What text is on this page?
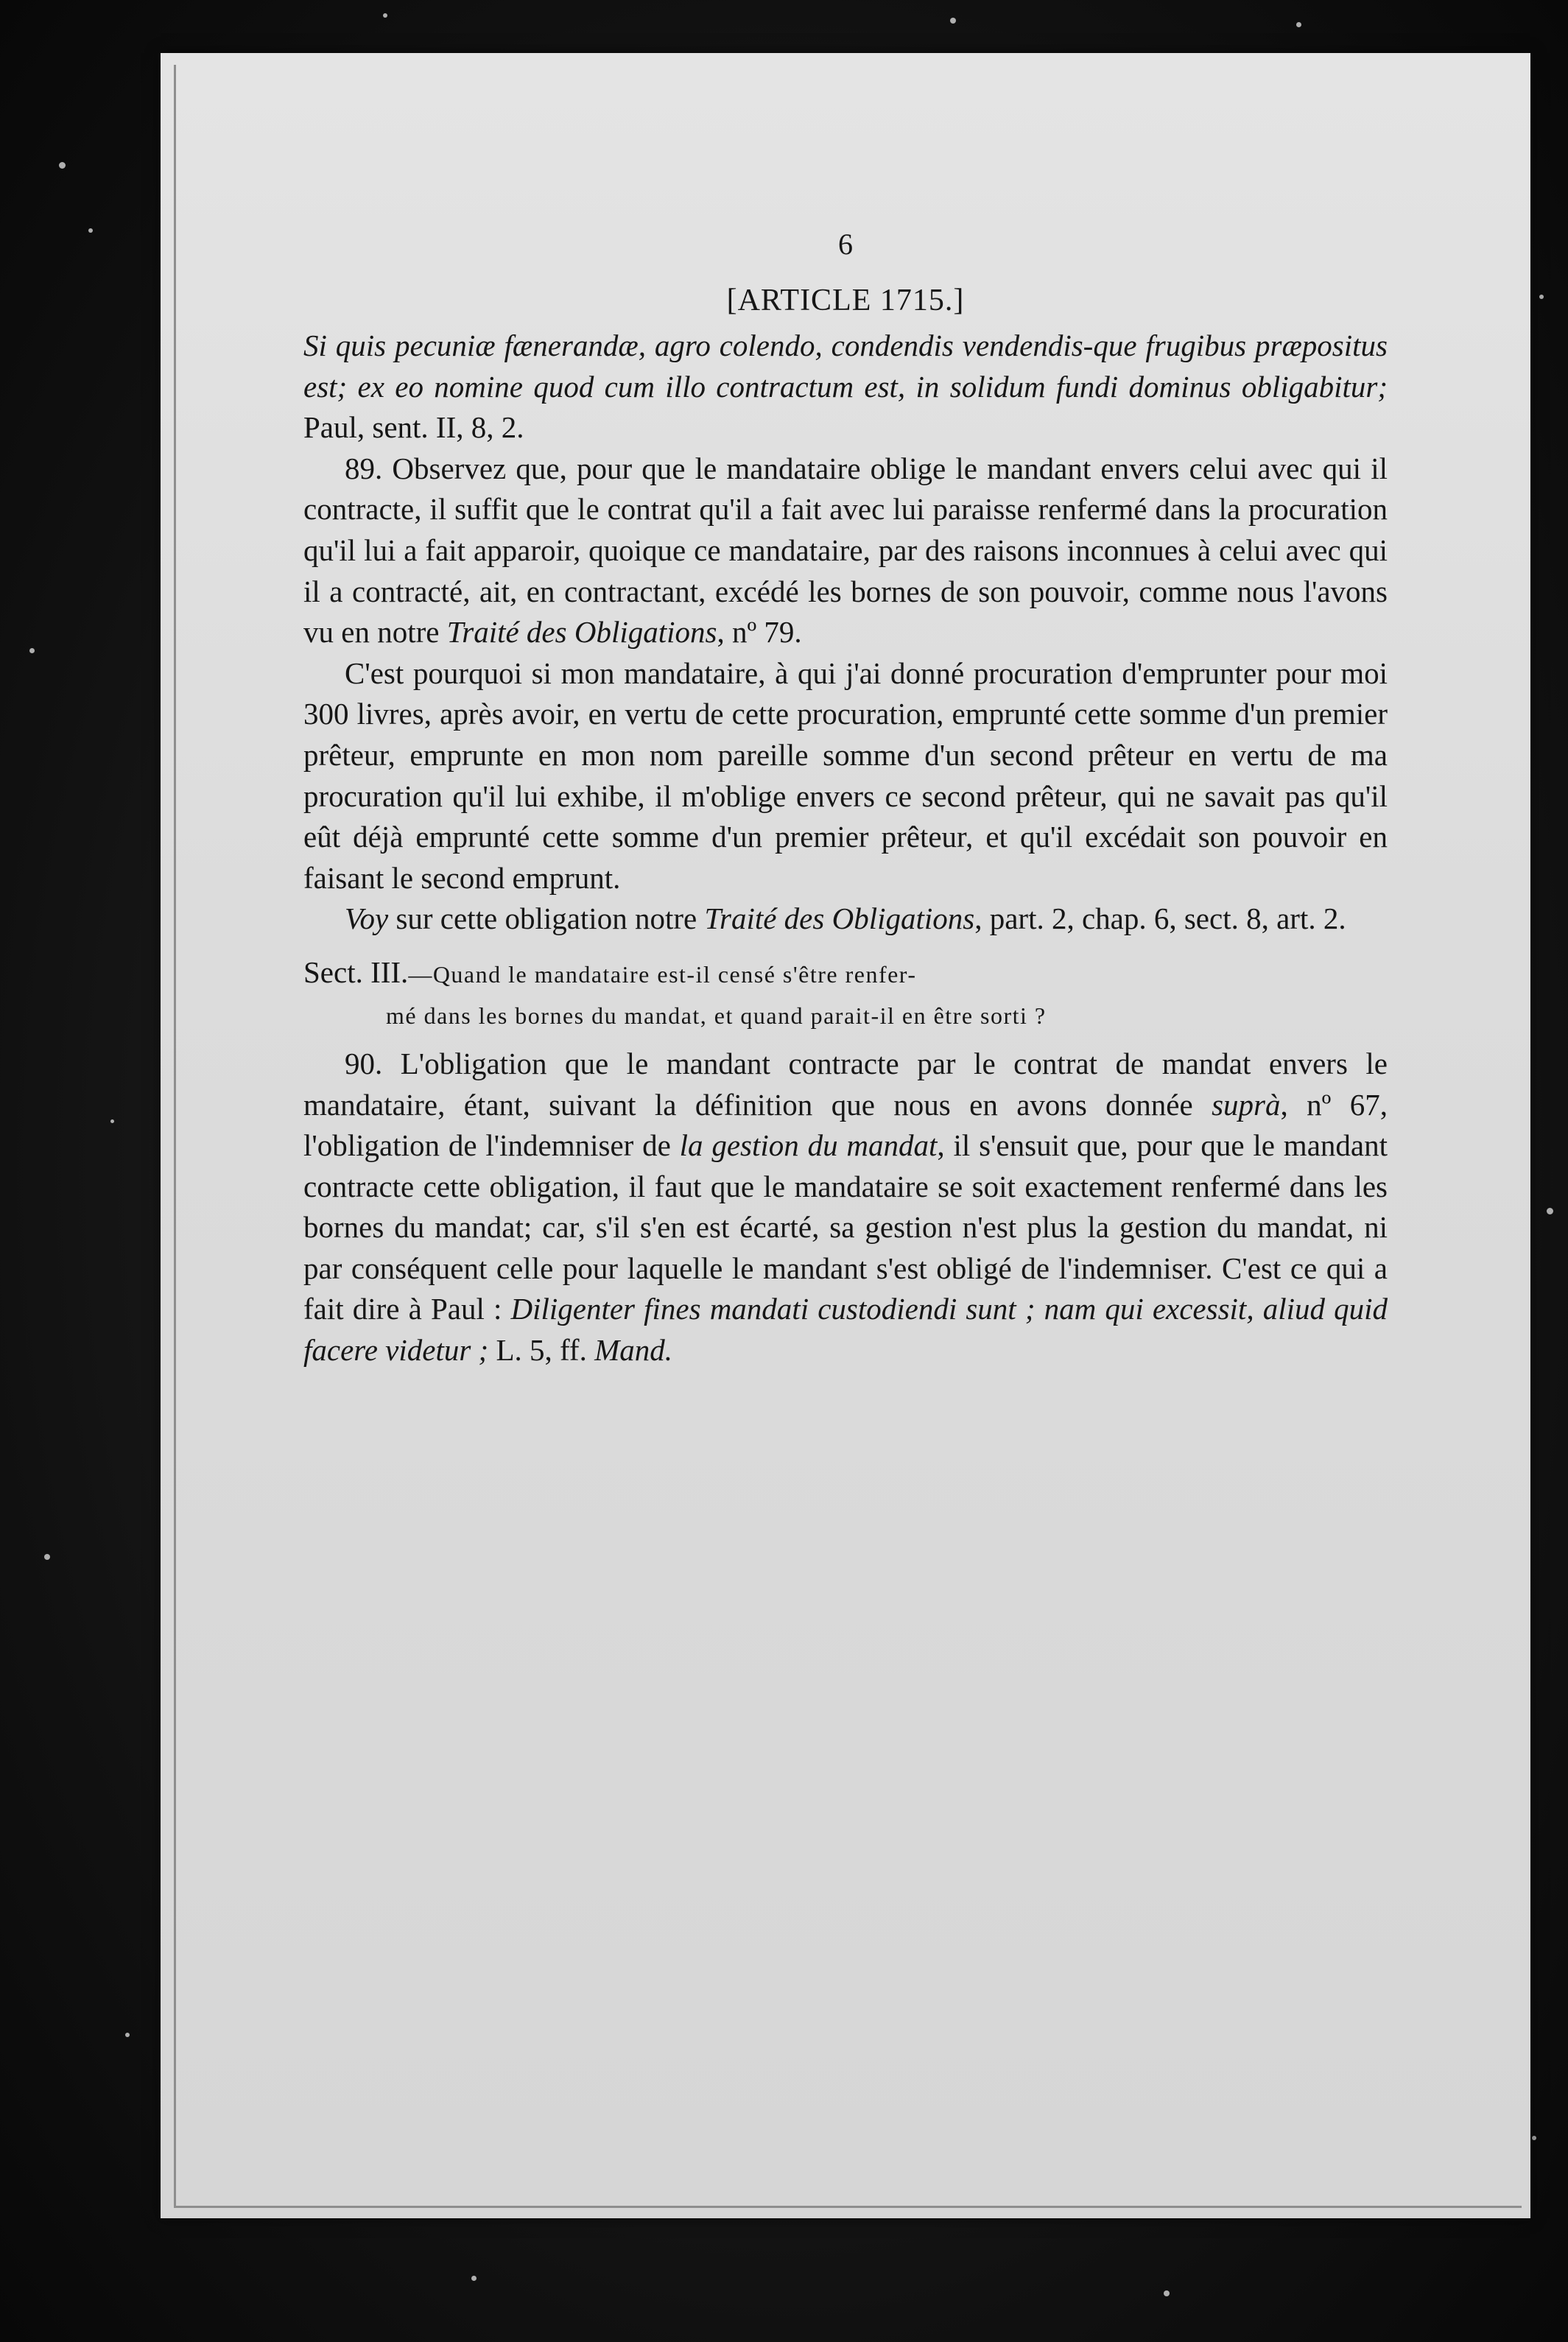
6
[ARTICLE 1715.]

Si quis pecuniæ fænerandæ, agro colendo, condendis vendendis-que frugibus præpositus est; ex eo nomine quod cum illo contractum est, in solidum fundi dominus obligabitur; Paul, sent. II, 8, 2.

89. Observez que, pour que le mandataire oblige le mandant envers celui avec qui il contracte, il suffit que le contrat qu'il a fait avec lui paraisse renfermé dans la procuration qu'il lui a fait apparoir, quoique ce mandataire, par des raisons inconnues à celui avec qui il a contracté, ait, en contractant, excédé les bornes de son pouvoir, comme nous l'avons vu en notre Traité des Obligations, nº 79.

C'est pourquoi si mon mandataire, à qui j'ai donné procuration d'emprunter pour moi 300 livres, après avoir, en vertu de cette procuration, emprunté cette somme d'un premier prêteur, emprunte en mon nom pareille somme d'un second prêteur en vertu de ma procuration qu'il lui exhibe, il m'oblige envers ce second prêteur, qui ne savait pas qu'il eût déjà emprunté cette somme d'un premier prêteur, et qu'il excédait son pouvoir en faisant le second emprunt.

Voy sur cette obligation notre Traité des Obligations, part. 2, chap. 6, sect. 8, art. 2.

Sect. III.—Quand le mandataire est-il censé s'être renfer-
mé dans les bornes du mandat, et quand parait-il en être sorti ?

90. L'obligation que le mandant contracte par le contrat de mandat envers le mandataire, étant, suivant la définition que nous en avons donnée suprà, nº 67, l'obligation de l'indemniser de la gestion du mandat, il s'ensuit que, pour que le mandant contracte cette obligation, il faut que le mandataire se soit exactement renfermé dans les bornes du mandat; car, s'il s'en est écarté, sa gestion n'est plus la gestion du mandat, ni par conséquent celle pour laquelle le mandant s'est obligé de l'indemniser. C'est ce qui a fait dire à Paul : Diligenter fines mandati custodiendi sunt ; nam qui excessit, aliud quid facere videtur ; L. 5, ff. Mand.
